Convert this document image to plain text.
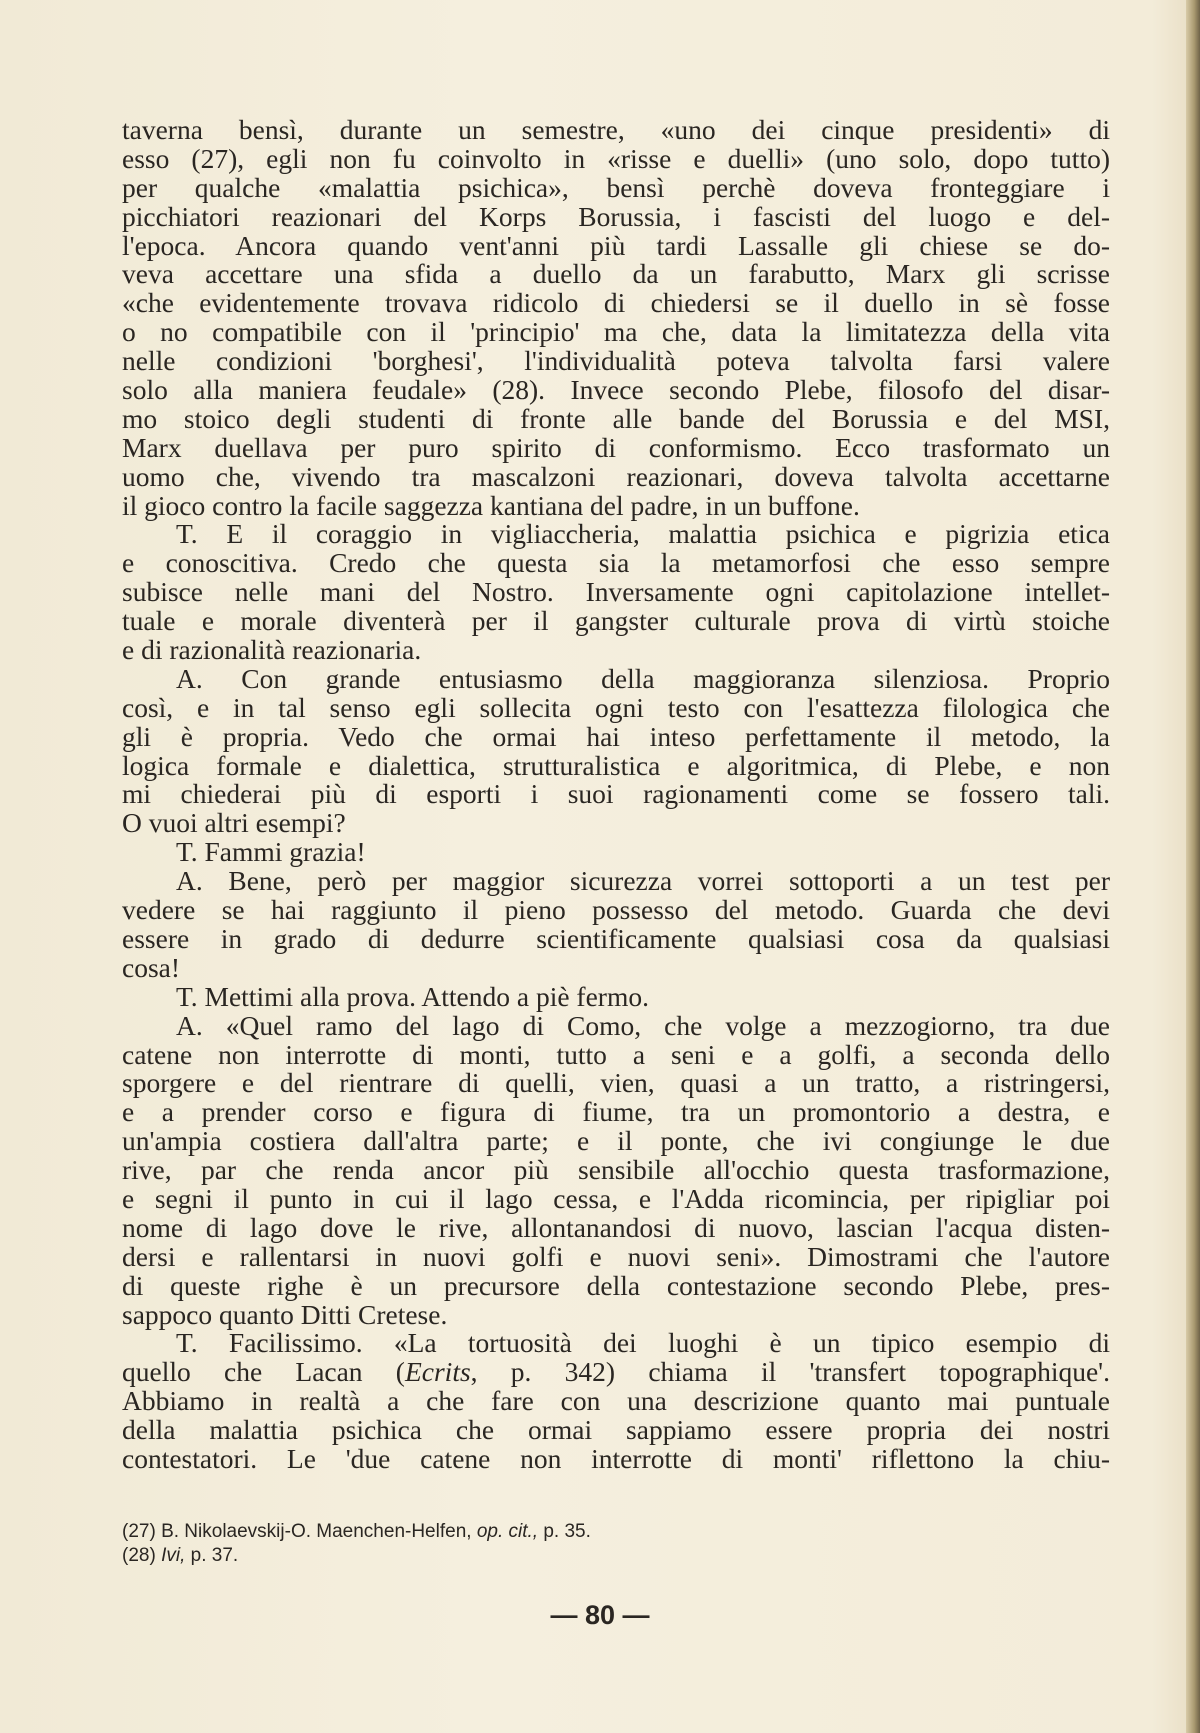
taverna bensì, durante un semestre, «uno dei cinque presidenti» di
esso (27), egli non fu coinvolto in «risse e duelli» (uno solo, dopo tutto)
per qualche «malattia psichica», bensì perchè doveva fronteggiare i
picchiatori reazionari del Korps Borussia, i fascisti del luogo e del-
l'epoca. Ancora quando vent'anni più tardi Lassalle gli chiese se do-
veva accettare una sfida a duello da un farabutto, Marx gli scrisse
«che evidentemente trovava ridicolo di chiedersi se il duello in sè fosse
o no compatibile con il 'principio' ma che, data la limitatezza della vita
nelle condizioni 'borghesi', l'individualità poteva talvolta farsi valere
solo alla maniera feudale» (28). Invece secondo Plebe, filosofo del disar-
mo stoico degli studenti di fronte alle bande del Borussia e del MSI,
Marx duellava per puro spirito di conformismo. Ecco trasformato un
uomo che, vivendo tra mascalzoni reazionari, doveva talvolta accettarne
il gioco contro la facile saggezza kantiana del padre, in un buffone.
T. E il coraggio in vigliaccheria, malattia psichica e pigrizia etica
e conoscitiva. Credo che questa sia la metamorfosi che esso sempre
subisce nelle mani del Nostro. Inversamente ogni capitolazione intellet-
tuale e morale diventerà per il gangster culturale prova di virtù stoiche
e di razionalità reazionaria.
A. Con grande entusiasmo della maggioranza silenziosa. Proprio
così, e in tal senso egli sollecita ogni testo con l'esattezza filologica che
gli è propria. Vedo che ormai hai inteso perfettamente il metodo, la
logica formale e dialettica, strutturalistica e algoritmica, di Plebe, e non
mi chiederai più di esporti i suoi ragionamenti come se fossero tali.
O vuoi altri esempi?
T. Fammi grazia!
A. Bene, però per maggior sicurezza vorrei sottoporti a un test per
vedere se hai raggiunto il pieno possesso del metodo. Guarda che devi
essere in grado di dedurre scientificamente qualsiasi cosa da qualsiasi
cosa!
T. Mettimi alla prova. Attendo a piè fermo.
A. «Quel ramo del lago di Como, che volge a mezzogiorno, tra due
catene non interrotte di monti, tutto a seni e a golfi, a seconda dello
sporgere e del rientrare di quelli, vien, quasi a un tratto, a ristringersi,
e a prender corso e figura di fiume, tra un promontorio a destra, e
un'ampia costiera dall'altra parte; e il ponte, che ivi congiunge le due
rive, par che renda ancor più sensibile all'occhio questa trasformazione,
e segni il punto in cui il lago cessa, e l'Adda ricomincia, per ripigliar poi
nome di lago dove le rive, allontanandosi di nuovo, lascian l'acqua disten-
dersi e rallentarsi in nuovi golfi e nuovi seni». Dimostrami che l'autore
di queste righe è un precursore della contestazione secondo Plebe, pres-
sappoco quanto Ditti Cretese.
T. Facilissimo. «La tortuosità dei luoghi è un tipico esempio di
quello che Lacan (Ecrits, p. 342) chiama il 'transfert topographique'.
Abbiamo in realtà a che fare con una descrizione quanto mai puntuale
della malattia psichica che ormai sappiamo essere propria dei nostri
contestatori. Le 'due catene non interrotte di monti' riflettono la chiu-
(27) B. Nikolaevskij-O. Maenchen-Helfen, op. cit., p. 35.
(28) Ivi, p. 37.
— 80 —
